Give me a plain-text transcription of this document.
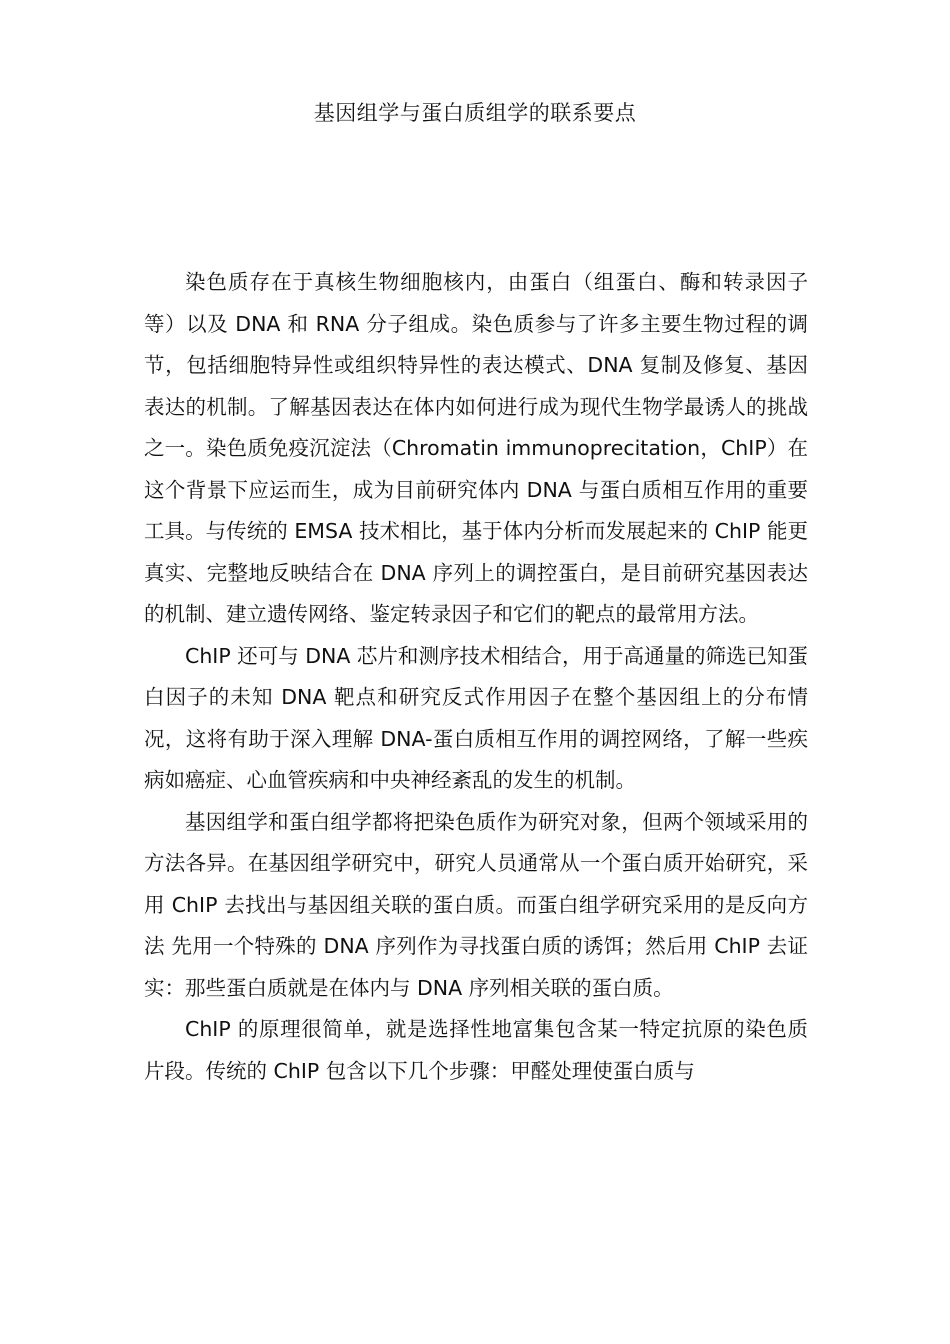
基因组学与蛋白质组学的联系要点

染色质存在于真核生物细胞核内，由蛋白（组蛋白、酶和转录因子等）以及 DNA 和 RNA 分子组成。染色质参与了许多主要生物过程的调节，包括细胞特异性或组织特异性的表达模式、DNA 复制及修复、基因表达的机制。了解基因表达在体内如何进行成为现代生物学最诱人的挑战之一。染色质免疫沉淀法（Chromatin immunoprecitation，ChIP）在这个背景下应运而生，成为目前研究体内 DNA 与蛋白质相互作用的重要工具。与传统的 EMSA 技术相比，基于体内分析而发展起来的 ChIP 能更真实、完整地反映结合在 DNA 序列上的调控蛋白，是目前研究基因表达的机制、建立遗传网络、鉴定转录因子和它们的靶点的最常用方法。

ChIP 还可与 DNA 芯片和测序技术相结合，用于高通量的筛选已知蛋白因子的未知 DNA 靶点和研究反式作用因子在整个基因组上的分布情况，这将有助于深入理解 DNA-蛋白质相互作用的调控网络，了解一些疾病如癌症、心血管疾病和中央神经紊乱的发生的机制。

基因组学和蛋白组学都将把染色质作为研究对象，但两个领域采用的方法各异。在基因组学研究中，研究人员通常从一个蛋白质开始研究，采用 ChIP 去找出与基因组关联的蛋白质。而蛋白组学研究采用的是反向方法 先用一个特殊的 DNA 序列作为寻找蛋白质的诱饵；然后用 ChIP 去证实：那些蛋白质就是在体内与 DNA 序列相关联的蛋白质。

ChIP 的原理很简单，就是选择性地富集包含某一特定抗原的染色质片段。传统的 ChIP 包含以下几个步骤：甲醛处理使蛋白质与
